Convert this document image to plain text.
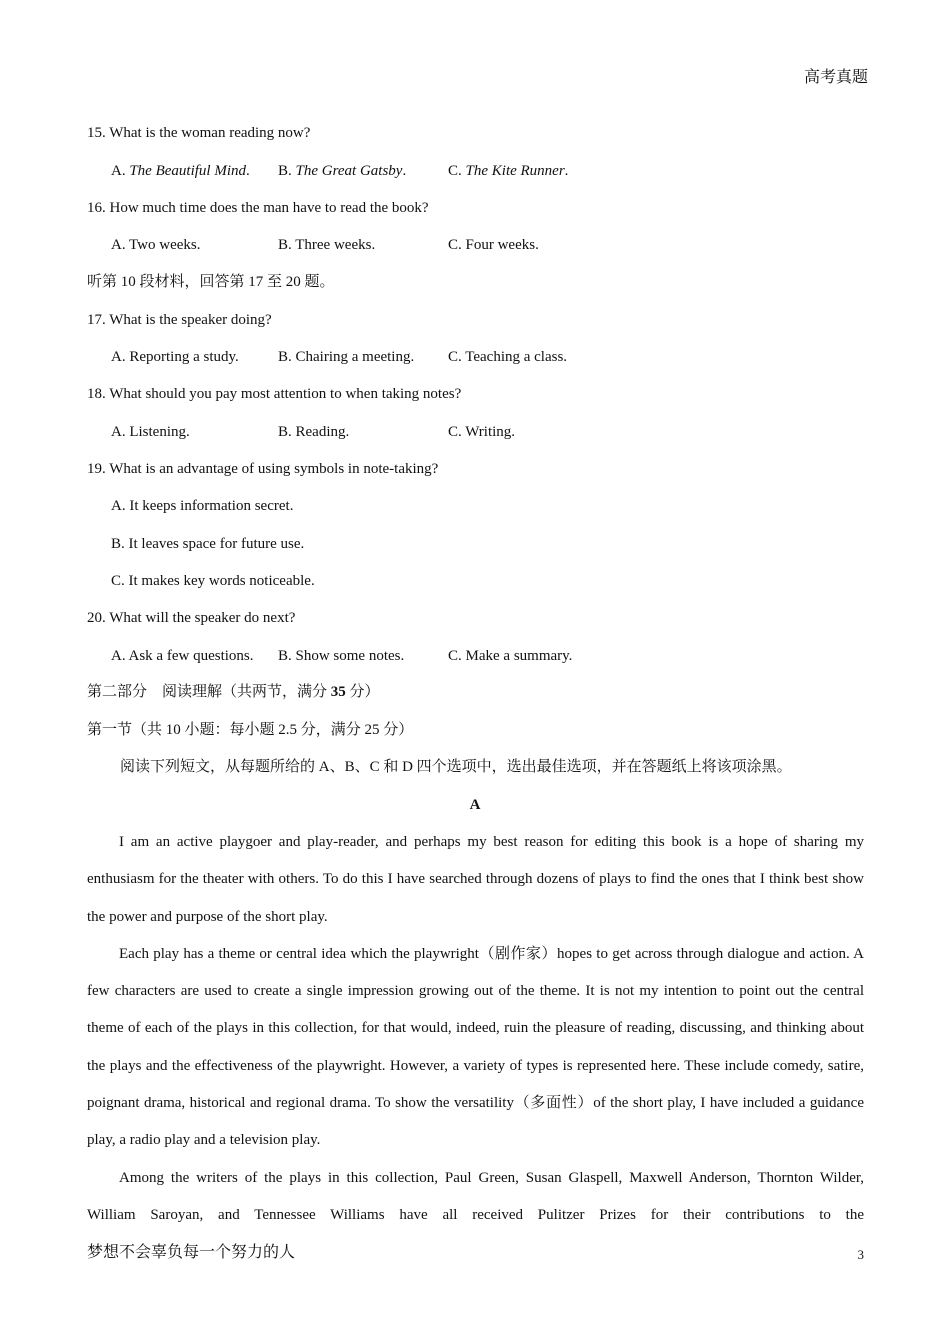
高考真题
15. What is the woman reading now?
A. The Beautiful Mind. B. The Great Gatsby.	C. The Kite Runner.
16. How much time does the man have to read the book?
A. Two weeks.	B. Three weeks.	C. Four weeks.
听第 10 段材料，回答第 17 至 20 题。
17. What is the speaker doing?
A. Reporting a study.	B. Chairing a meeting. C. Teaching a class.
18. What should you pay most attention to when taking notes?
A. Listening.	B. Reading.	C. Writing.
19. What is an advantage of using symbols in note-taking?
A. It keeps information secret.
B. It leaves space for future use.
C. It makes key words noticeable.
20. What will the speaker do next?
A. Ask a few questions. B. Show some notes.	C. Make a summary.
第二部分　阅读理解（共两节，满分 35 分）
第一节（共 10 小题：每小题 2.5 分，满分 25 分）
阅读下列短文，从每题所给的 A、B、C 和 D 四个选项中，选出最佳选项，并在答题纸上将该项涂黑。
A

I am an active playgoer and play-reader, and perhaps my best reason for editing this book is a hope of sharing my enthusiasm for the theater with others. To do this I have searched through dozens of plays to find the ones that I think best show the power and purpose of the short play.

Each play has a theme or central idea which the playwright（剧作家）hopes to get across through dialogue and action. A few characters are used to create a single impression growing out of the theme. It is not my intention to point out the central theme of each of the plays in this collection, for that would, indeed, ruin the pleasure of reading, discussing, and thinking about the plays and the effectiveness of the playwright. However, a variety of types is represented here. These include comedy, satire, poignant drama, historical and regional drama. To show the versatility（多面性）of the short play, I have included a guidance play, a radio play and a television play.

Among the writers of the plays in this collection, Paul Green, Susan Glaspell, Maxwell Anderson, Thornton Wilder, William Saroyan, and Tennessee Williams have all received Pulitzer Prizes for their contributions to the

梦想不会辜负每一个努力的人	3
